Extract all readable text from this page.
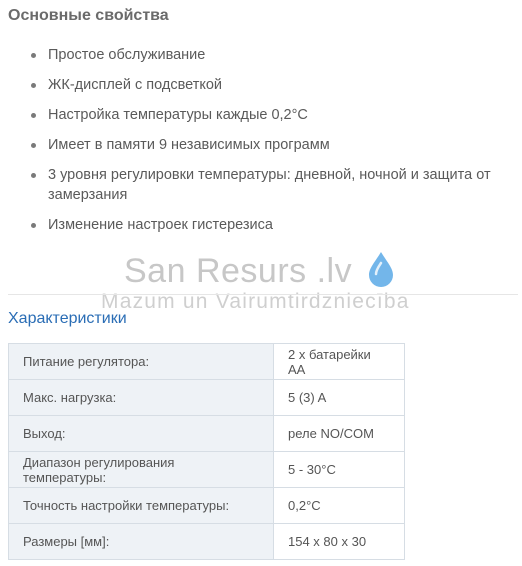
Основные свойства
Простое обслуживание
ЖК-дисплей с подсветкой
Настройка температуры каждые 0,2°С
Имеет в памяти 9 независимых программ
3 уровня регулировки температуры: дневной, ночной и защита от замерзания
Изменение настроек гистерезиса
San Resurs .lv
Mazum un Vairumtirdzniecība
Характеристики
Питание регулятора:	2 x батарейки AA
Макс. нагрузка:	5 (3) A
Выход:	реле NO/COM
Диапазон регулирования температуры:	5 - 30°C
Точность настройки температуры:	0,2°C
Размеры [мм]:	154 x 80 x 30
